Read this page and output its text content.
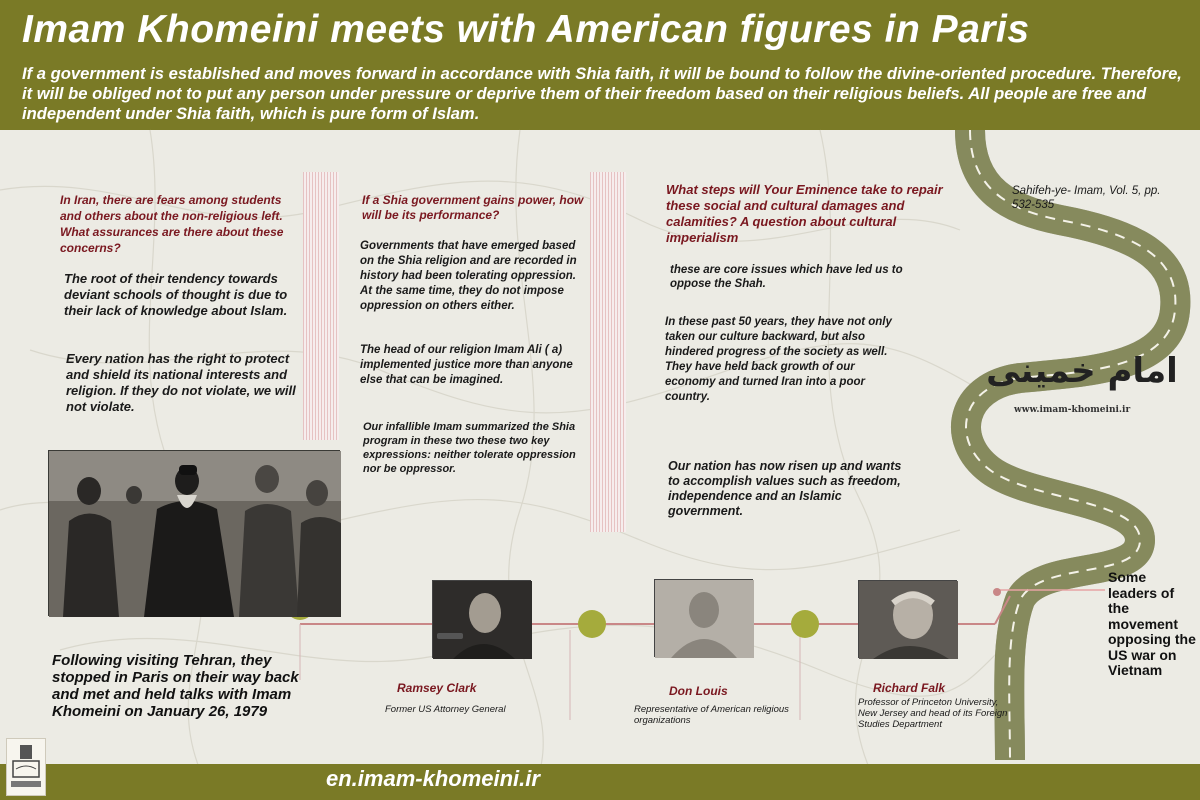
Imam Khomeini meets with American figures in Paris
If a government is established and moves forward in accordance with Shia faith, it will be bound to follow the divine-oriented procedure. Therefore, it will be obliged not to put any person under pressure or deprive them of their freedom based on their religious beliefs. All people are free and independent under Shia faith, which is pure form of Islam.
In Iran, there are fears among students and others about the non-religious left. What assurances are there about these concerns?
The root of their tendency towards deviant schools of thought is due to their lack of knowledge about Islam.
Every nation has the right to protect and shield its national interests and religion. If they do not violate, we will not violate.
If a Shia government gains power, how will be its performance?
Governments that have emerged based on the Shia religion and are recorded in history had been tolerating oppression. At the same time, they do not impose oppression on others either.
The head of our religion Imam Ali ( a) implemented justice more than anyone else that can be imagined.
Our infallible Imam summarized the Shia program in these two these two key expressions: neither tolerate oppression nor be oppressor.
What steps will Your Eminence take to repair these social and cultural damages and calamities? A question about cultural imperialism
these are core issues which have led us to oppose the Shah.
In these past 50 years, they have not only taken our culture backward, but also hindered progress of the society as well. They have held back growth of our economy and turned Iran into a poor country.
Our nation has now risen up and wants to accomplish values such as freedom, independence and an Islamic government.
Sahifeh-ye- Imam, Vol. 5, pp. 532-535
امام خمینی
www.imam-khomeini.ir
Ramsey Clark
Former US Attorney General
Don Louis
Representative of American religious organizations
Richard Falk
Professor of Princeton University, New Jersey and head of its Foreign Studies Department
Following visiting Tehran, they stopped in Paris on their way back and met and held talks with Imam Khomeini on January 26, 1979
Some leaders of the movement opposing the US war on Vietnam
en.imam-khomeini.ir
